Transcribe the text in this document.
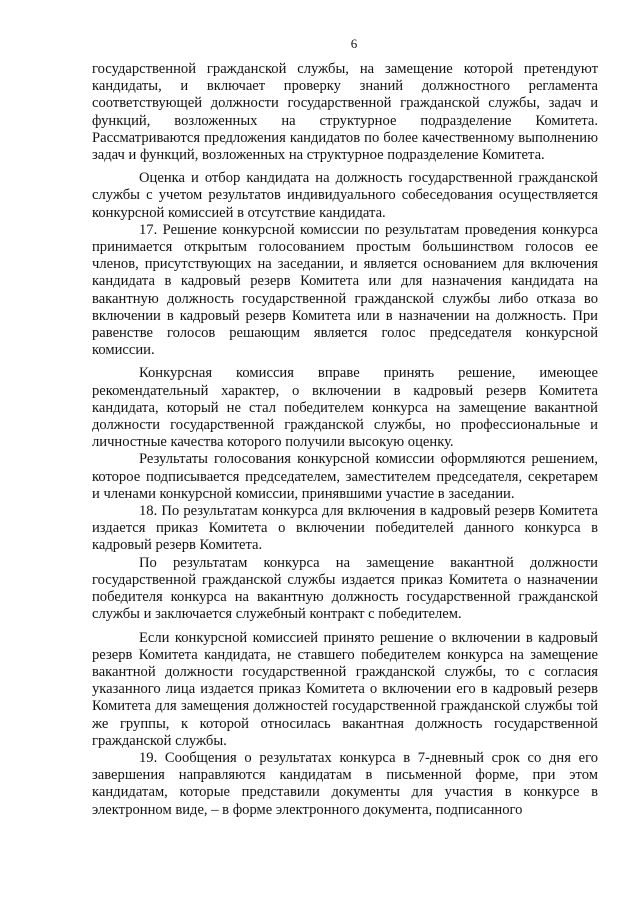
6

государственной гражданской службы, на замещение которой претендуют кандидаты, и включает проверку знаний должностного регламента соответствующей должности государственной гражданской службы, задач и функций, возложенных на структурное подразделение Комитета. Рассматриваются предложения кандидатов по более качественному выполнению задач и функций, возложенных на структурное подразделение Комитета.

Оценка и отбор кандидата на должность государственной гражданской службы с учетом результатов индивидуального собеседования осуществляется конкурсной комиссией в отсутствие кандидата.

17. Решение конкурсной комиссии по результатам проведения конкурса принимается открытым голосованием простым большинством голосов ее членов, присутствующих на заседании, и является основанием для включения кандидата в кадровый резерв Комитета или для назначения кандидата на вакантную должность государственной гражданской службы либо отказа во включении в кадровый резерв Комитета или в назначении на должность. При равенстве голосов решающим является голос председателя конкурсной комиссии.

Конкурсная комиссия вправе принять решение, имеющее рекомендательный характер, о включении в кадровый резерв Комитета кандидата, который не стал победителем конкурса на замещение вакантной должности государственной гражданской службы, но профессиональные и личностные качества которого получили высокую оценку.

Результаты голосования конкурсной комиссии оформляются решением, которое подписывается председателем, заместителем председателя, секретарем и членами конкурсной комиссии, принявшими участие в заседании.

18. По результатам конкурса для включения в кадровый резерв Комитета издается приказ Комитета о включении победителей данного конкурса в кадровый резерв Комитета.

По результатам конкурса на замещение вакантной должности государственной гражданской службы издается приказ Комитета о назначении победителя конкурса на вакантную должность государственной гражданской службы и заключается служебный контракт с победителем.

Если конкурсной комиссией принято решение о включении в кадровый резерв Комитета кандидата, не ставшего победителем конкурса на замещение вакантной должности государственной гражданской службы, то с согласия указанного лица издается приказ Комитета о включении его в кадровый резерв Комитета для замещения должностей государственной гражданской службы той же группы, к которой относилась вакантная должность государственной гражданской службы.

19. Сообщения о результатах конкурса в 7-дневный срок со дня его завершения направляются кандидатам в письменной форме, при этом кандидатам, которые представили документы для участия в конкурсе в электронном виде, – в форме электронного документа, подписанного
